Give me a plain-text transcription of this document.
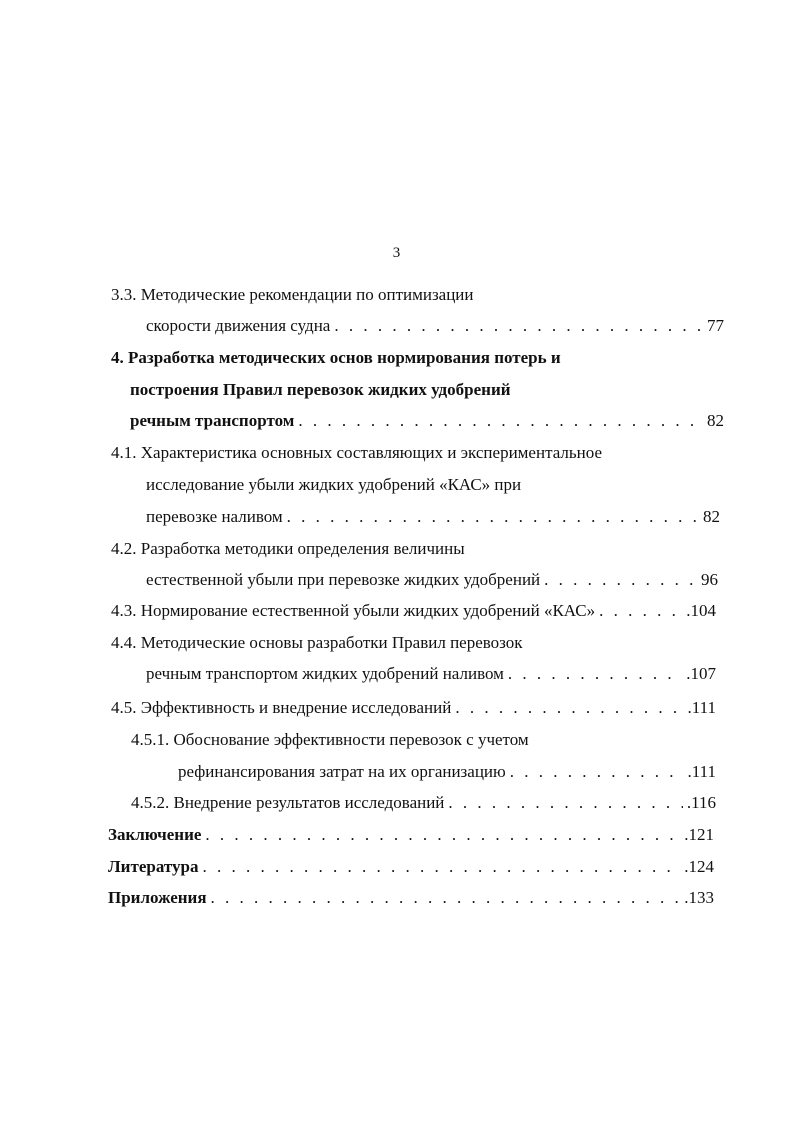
3
3.3. Методические рекомендации по оптимизации
скорости движения судна . . .	77
4. Разработка методических основ нормирования потерь и
построения Правил перевозок жидких удобрений
речным транспортом . . .	82
4.1. Характеристика основных составляющих и экспериментальное
исследование убыли жидких удобрений «КАС» при
перевозке наливом . . .	82
4.2. Разработка методики определения величины
естественной убыли при перевозке жидких удобрений . . .	96
4.3. Нормирование естественной убыли жидких удобрений «КАС» . . .	.104
4.4. Методические основы разработки Правил перевозок
речным транспортом жидких удобрений наливом . . .	.107
4.5. Эффективность и внедрение исследований . . .	.111
4.5.1. Обоснование эффективности перевозок с учетом
рефинансирования затрат на их организацию . . .	.111
4.5.2. Внедрение результатов исследований . . .	.116
Заключение . . .	.121
Литература . . .	.124
Приложения . . .	.133
